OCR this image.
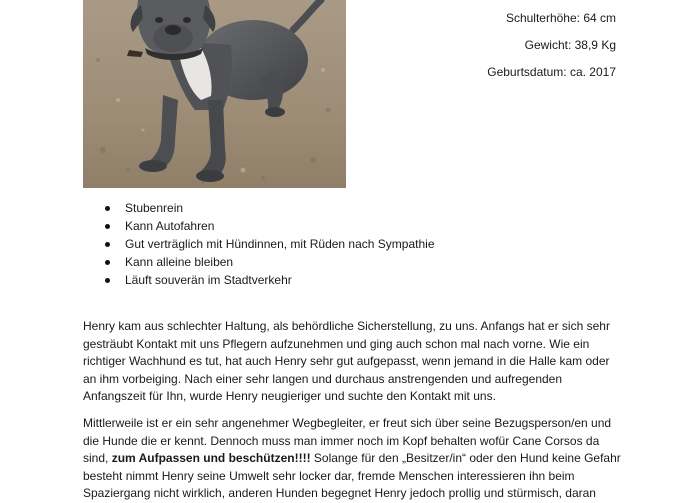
Schulterhöhe: 64 cm
Gewicht: 38,9 Kg
Geburtsdatum: ca. 2017
Stubenrein
Kann Autofahren
Gut verträglich mit Hündinnen, mit Rüden nach Sympathie
Kann alleine bleiben
Läuft souverän im Stadtverkehr

Henry kam aus schlechter Haltung, als behördliche Sicherstellung, zu uns. Anfangs hat er sich sehr gesträubt Kontakt mit uns Pflegern aufzunehmen und ging auch schon mal nach vorne. Wie ein richtiger Wachhund es tut, hat auch Henry sehr gut aufgepasst, wenn jemand in die Halle kam oder an ihm vorbeiging. Nach einer sehr langen und durchaus anstrengenden und aufregenden Anfangszeit für Ihn, wurde Henry neugieriger und suchte den Kontakt mit uns.

Mittlerweile ist er ein sehr angenehmer Wegbegleiter, er freut sich über seine Bezugsperson/en und die Hunde die er kennt. Dennoch muss man immer noch im Kopf behalten wofür Cane Corsos da sind, zum Aufpassen und beschützen!!!! Solange für den „Besitzer/in“ oder den Hund keine Gefahr besteht nimmt Henry seine Umwelt sehr locker dar, fremde Menschen interessieren ihn beim Spaziergang nicht wirklich, anderen Hunden begegnet Henry jedoch prollig und stürmisch, daran
